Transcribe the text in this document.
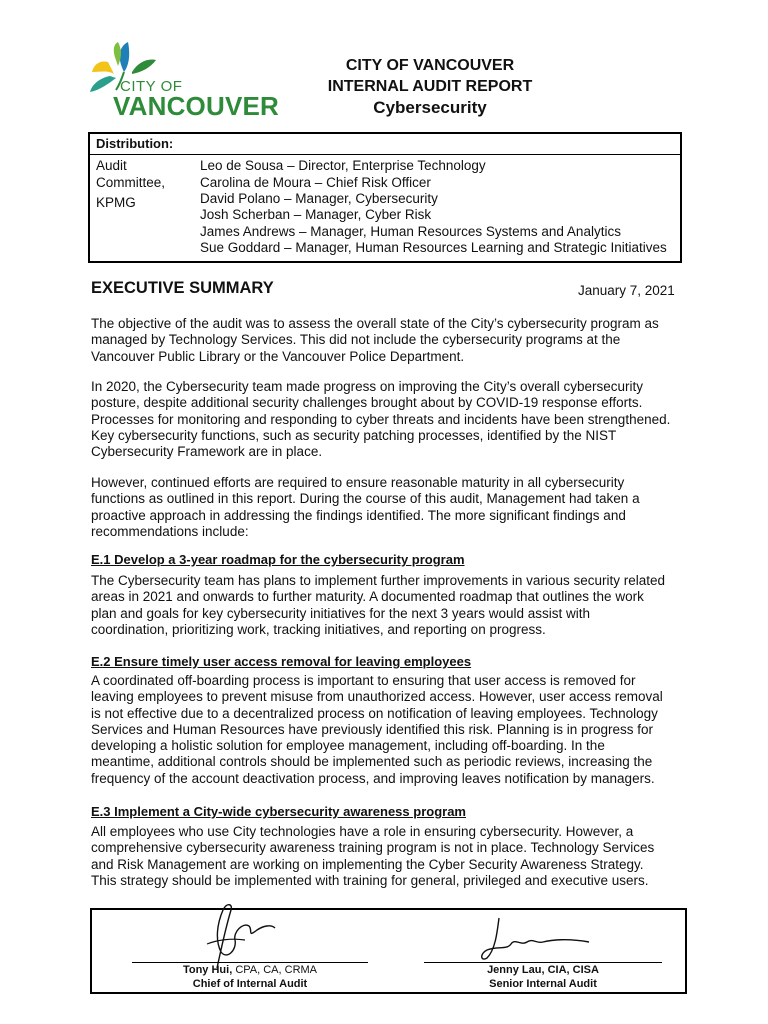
CITY OF
VANCOUVER
CITY OF VANCOUVER
INTERNAL AUDIT REPORT
Cybersecurity
Distribution:
Audit
Committee,
KPMG
Leo de Sousa – Director, Enterprise Technology
Carolina de Moura – Chief Risk Officer
David Polano – Manager, Cybersecurity
Josh Scherban – Manager, Cyber Risk
James Andrews – Manager, Human Resources Systems and Analytics
Sue Goddard – Manager, Human Resources Learning and Strategic Initiatives
EXECUTIVE SUMMARY	January 7, 2021
The objective of the audit was to assess the overall state of the City’s cybersecurity program as
managed by Technology Services. This did not include the cybersecurity programs at the
Vancouver Public Library or the Vancouver Police Department.
In 2020, the Cybersecurity team made progress on improving the City’s overall cybersecurity
posture, despite additional security challenges brought about by COVID-19 response efforts.
Processes for monitoring and responding to cyber threats and incidents have been strengthened.
Key cybersecurity functions, such as security patching processes, identified by the NIST
Cybersecurity Framework are in place.
However, continued efforts are required to ensure reasonable maturity in all cybersecurity
functions as outlined in this report. During the course of this audit, Management had taken a
proactive approach in addressing the findings identified. The more significant findings and
recommendations include:
E.1 Develop a 3-year roadmap for the cybersecurity program
The Cybersecurity team has plans to implement further improvements in various security related
areas in 2021 and onwards to further maturity. A documented roadmap that outlines the work
plan and goals for key cybersecurity initiatives for the next 3 years would assist with
coordination, prioritizing work, tracking initiatives, and reporting on progress.
E.2 Ensure timely user access removal for leaving employees
A coordinated off-boarding process is important to ensuring that user access is removed for
leaving employees to prevent misuse from unauthorized access. However, user access removal
is not effective due to a decentralized process on notification of leaving employees. Technology
Services and Human Resources have previously identified this risk. Planning is in progress for
developing a holistic solution for employee management, including off-boarding. In the
meantime, additional controls should be implemented such as periodic reviews, increasing the
frequency of the account deactivation process, and improving leaves notification by managers.
E.3 Implement a City-wide cybersecurity awareness program
All employees who use City technologies have a role in ensuring cybersecurity. However, a
comprehensive cybersecurity awareness training program is not in place. Technology Services
and Risk Management are working on implementing the Cyber Security Awareness Strategy.
This strategy should be implemented with training for general, privileged and executive users.
Tony Hui, CPA, CA, CRMA
Chief of Internal Audit
Jenny Lau, CIA, CISA
Senior Internal Audit
